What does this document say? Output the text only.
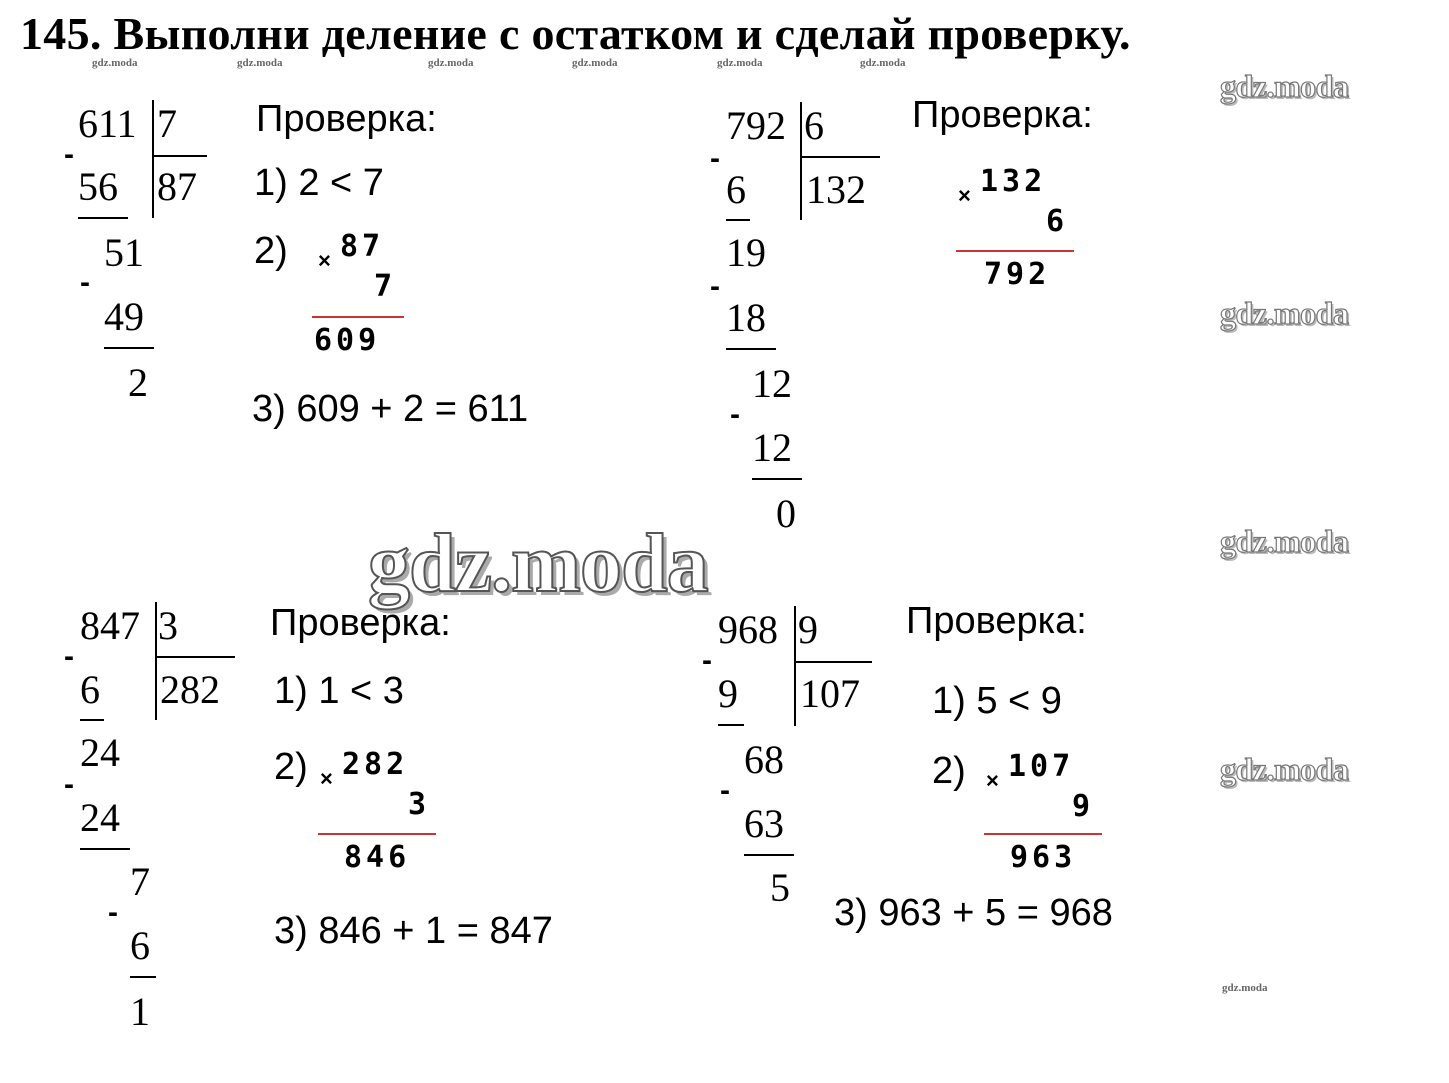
145. Выполни деление с остатком и сделай проверку.
gdz.moda	gdz.moda	gdz.moda	gdz.moda	gdz.moda	gdz.moda
gdz.moda
gdz.moda
gdz.moda
gdz.moda
gdz.moda
gdz.moda
611 7
-
56 87
51
-
49
2
Проверка:
1) 2 < 7
2) × 87
7
609
3) 609 + 2 = 611
792 6
-
6 132
19
-
18
12
-
12
0
Проверка:
× 132
6
792
847 3
-
6 282
24
-
24
7
-
6
1
Проверка:
1) 1 < 3
2) × 282
3
846
3) 846 + 1 = 847
968 9
-
9 107
68
-
63
5
Проверка:
1) 5 < 9
2) × 107
9
963
3) 963 + 5 = 968
